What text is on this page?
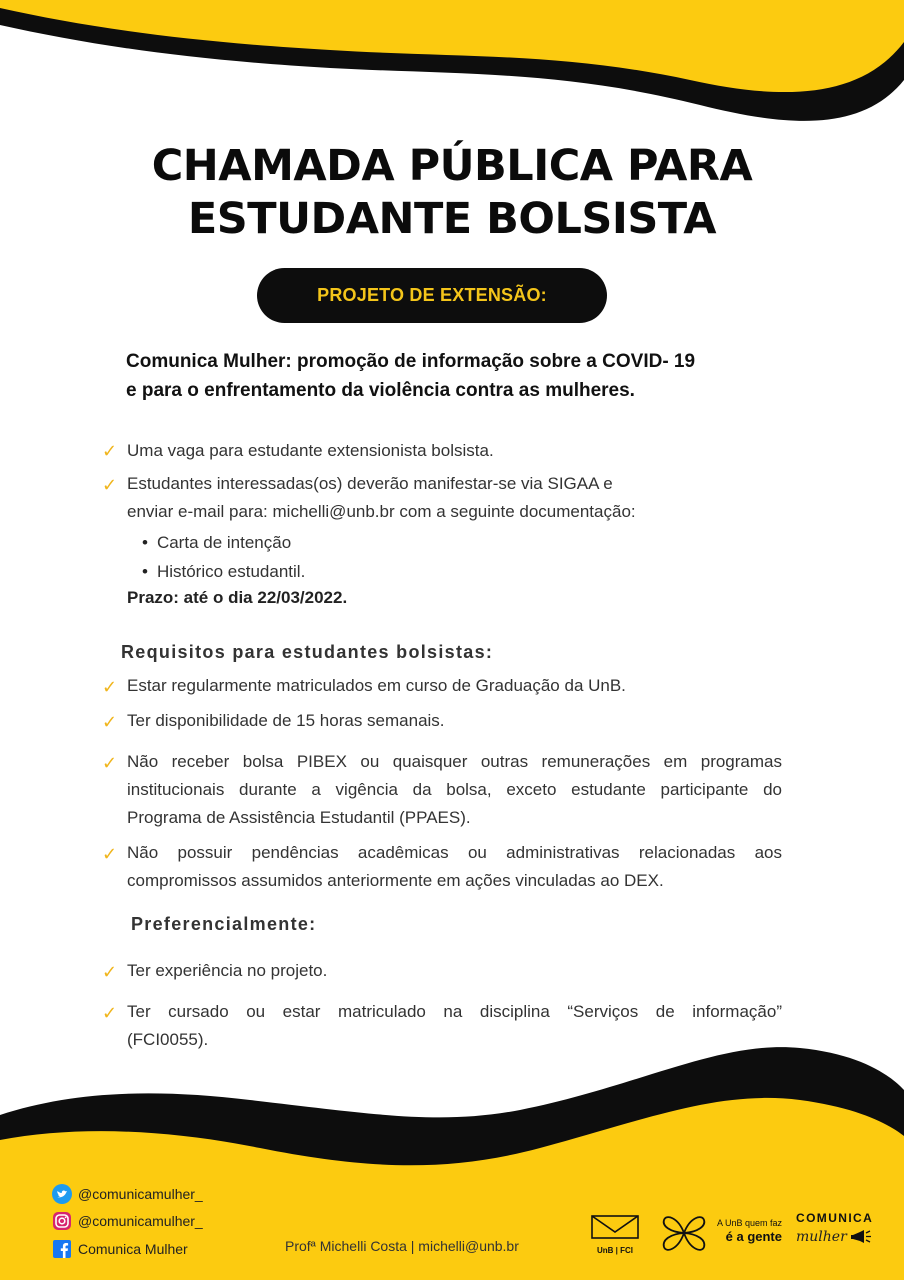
CHAMADA PÚBLICA PARA
ESTUDANTE BOLSISTA
PROJETO DE EXTENSÃO:

Comunica Mulher: promoção de informação sobre a COVID- 19
e para o enfrentamento da violência contra as mulheres.

✓ Uma vaga para estudante extensionista bolsista.
✓ Estudantes interessadas(os) deverão manifestar-se via SIGAA e
enviar e-mail para: michelli@unb.br com a seguinte documentação:
• Carta de intenção
• Histórico estudantil.
Prazo: até o dia 22/03/2022.
Requisitos para estudantes bolsistas:
✓ Estar regularmente matriculados em curso de Graduação da UnB.
✓ Ter disponibilidade de 15 horas semanais.
✓ Não receber bolsa PIBEX ou quaisquer outras remunerações em programas
institucionais durante a vigência da bolsa, exceto estudante participante do
Programa de Assistência Estudantil (PPAES).
✓ Não possuir pendências acadêmicas ou administrativas relacionadas aos
compromissos assumidos anteriormente em ações vinculadas ao DEX.
Preferencialmente:
✓ Ter experiência no projeto.
✓ Ter cursado ou estar matriculado na disciplina “Serviços de informação”
(FCI0055).
@comunicamulher_
@comunicamulher_
Comunica Mulher	Profª Michelli Costa | michelli@unb.br	UnB | FCI
A UnB quem faz
é a gente
COMUNICA
mulher
